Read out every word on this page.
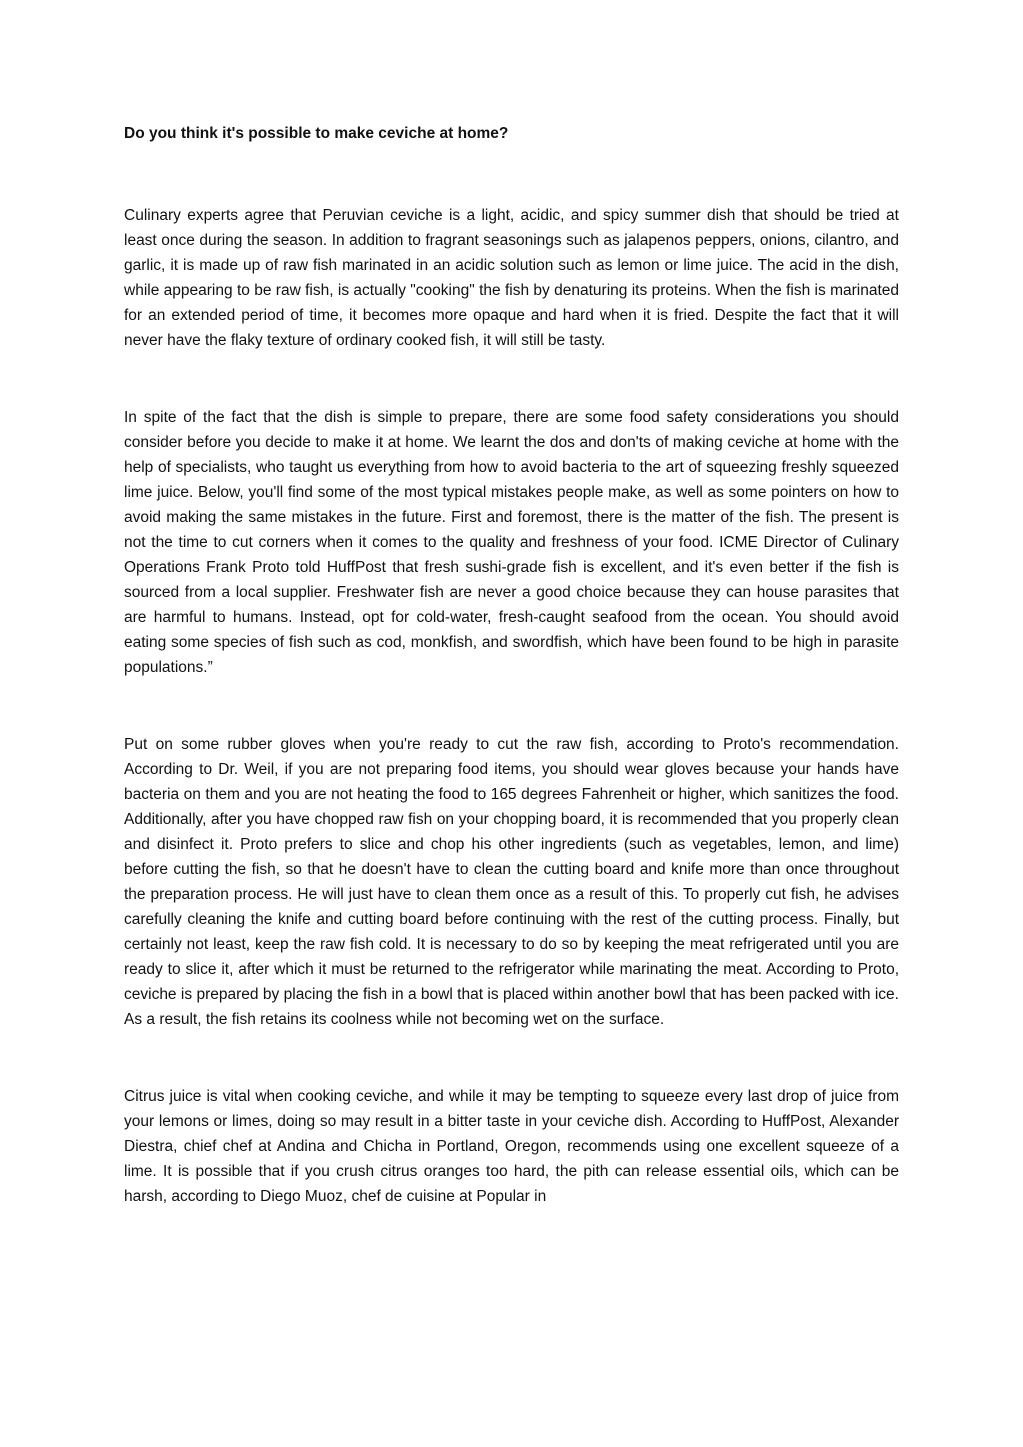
Do you think it's possible to make ceviche at home?

Culinary experts agree that Peruvian ceviche is a light, acidic, and spicy summer dish that should be tried at least once during the season. In addition to fragrant seasonings such as jalapenos peppers, onions, cilantro, and garlic, it is made up of raw fish marinated in an acidic solution such as lemon or lime juice. The acid in the dish, while appearing to be raw fish, is actually "cooking" the fish by denaturing its proteins. When the fish is marinated for an extended period of time, it becomes more opaque and hard when it is fried. Despite the fact that it will never have the flaky texture of ordinary cooked fish, it will still be tasty.

In spite of the fact that the dish is simple to prepare, there are some food safety considerations you should consider before you decide to make it at home. We learnt the dos and don'ts of making ceviche at home with the help of specialists, who taught us everything from how to avoid bacteria to the art of squeezing freshly squeezed lime juice. Below, you'll find some of the most typical mistakes people make, as well as some pointers on how to avoid making the same mistakes in the future. First and foremost, there is the matter of the fish. The present is not the time to cut corners when it comes to the quality and freshness of your food. ICME Director of Culinary Operations Frank Proto told HuffPost that fresh sushi-grade fish is excellent, and it's even better if the fish is sourced from a local supplier. Freshwater fish are never a good choice because they can house parasites that are harmful to humans. Instead, opt for cold-water, fresh-caught seafood from the ocean. You should avoid eating some species of fish such as cod, monkfish, and swordfish, which have been found to be high in parasite populations.”

Put on some rubber gloves when you're ready to cut the raw fish, according to Proto's recommendation. According to Dr. Weil, if you are not preparing food items, you should wear gloves because your hands have bacteria on them and you are not heating the food to 165 degrees Fahrenheit or higher, which sanitizes the food. Additionally, after you have chopped raw fish on your chopping board, it is recommended that you properly clean and disinfect it. Proto prefers to slice and chop his other ingredients (such as vegetables, lemon, and lime) before cutting the fish, so that he doesn't have to clean the cutting board and knife more than once throughout the preparation process. He will just have to clean them once as a result of this. To properly cut fish, he advises carefully cleaning the knife and cutting board before continuing with the rest of the cutting process. Finally, but certainly not least, keep the raw fish cold. It is necessary to do so by keeping the meat refrigerated until you are ready to slice it, after which it must be returned to the refrigerator while marinating the meat. According to Proto, ceviche is prepared by placing the fish in a bowl that is placed within another bowl that has been packed with ice. As a result, the fish retains its coolness while not becoming wet on the surface.

Citrus juice is vital when cooking ceviche, and while it may be tempting to squeeze every last drop of juice from your lemons or limes, doing so may result in a bitter taste in your ceviche dish. According to HuffPost, Alexander Diestra, chief chef at Andina and Chicha in Portland, Oregon, recommends using one excellent squeeze of a lime. It is possible that if you crush citrus oranges too hard, the pith can release essential oils, which can be harsh, according to Diego Muoz, chef de cuisine at Popular in
